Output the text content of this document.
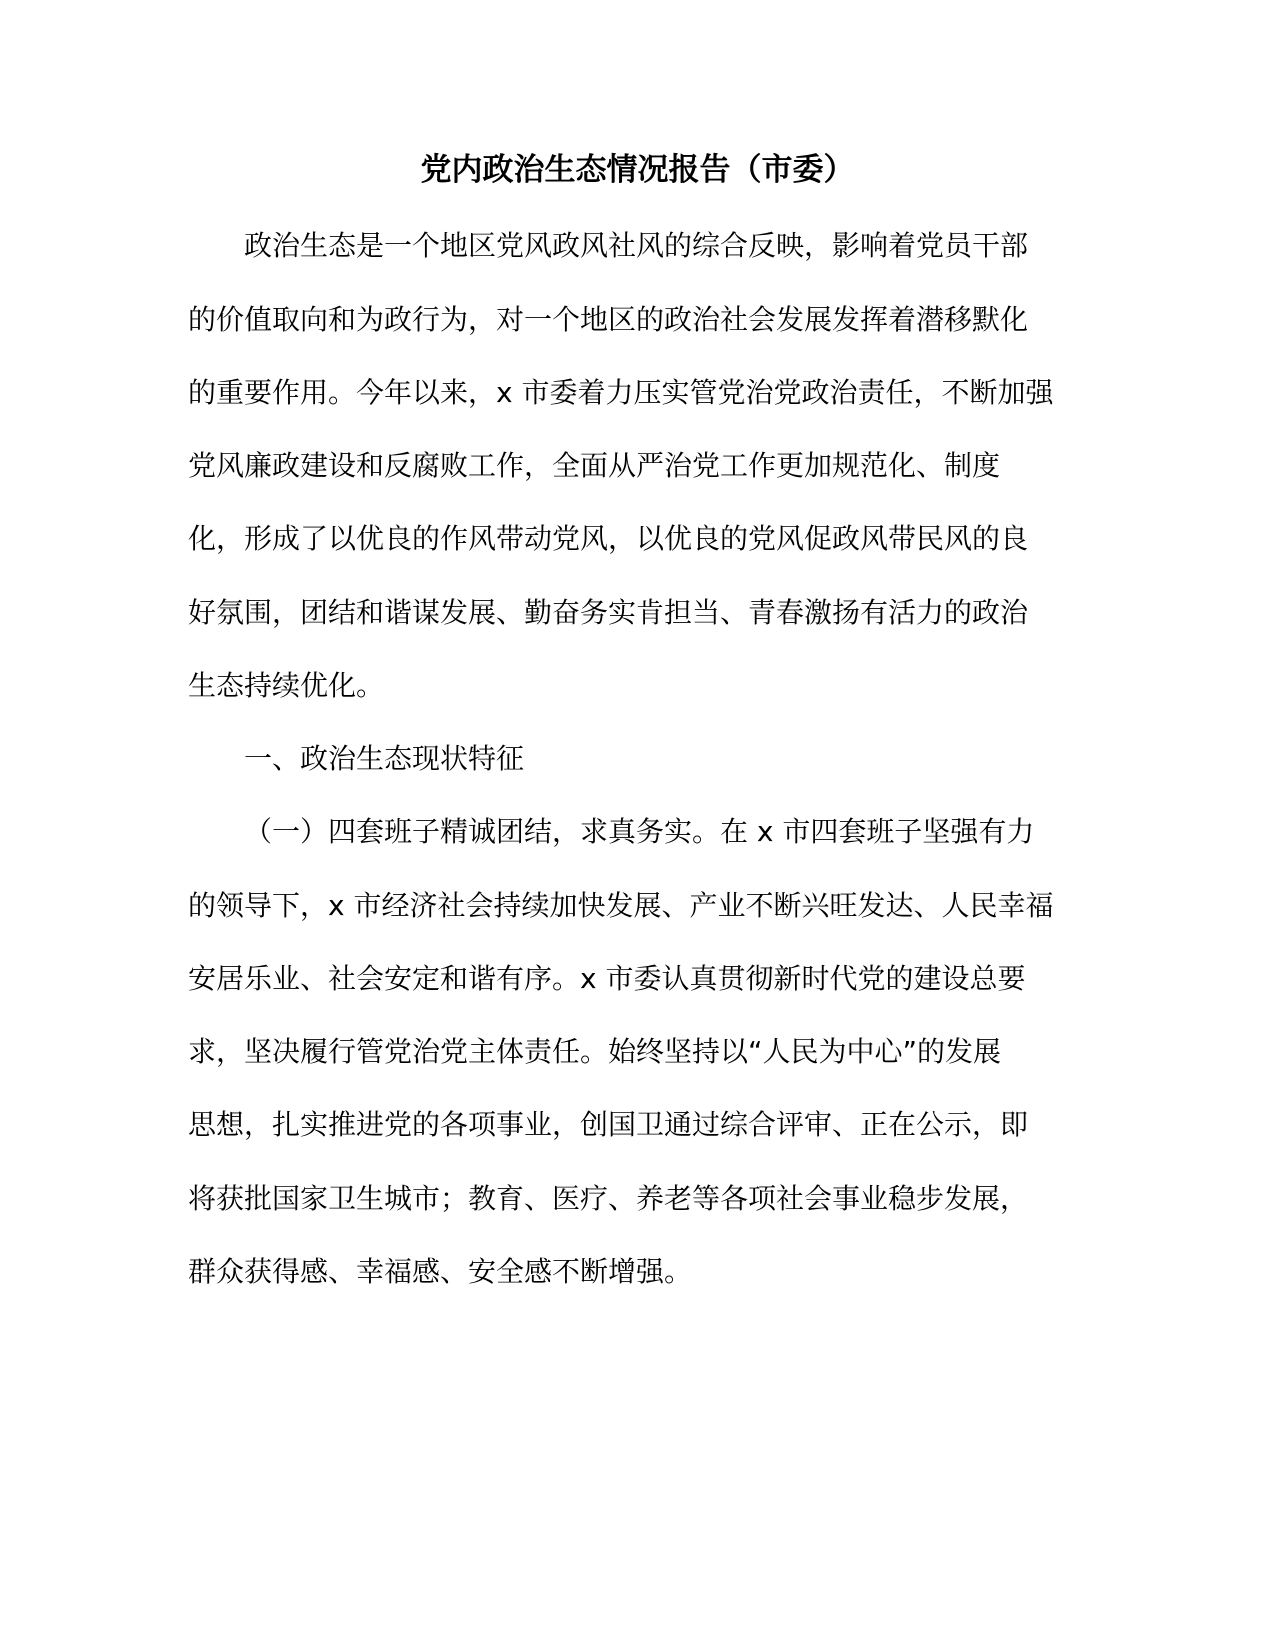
党内政治生态情况报告（市委）
政治生态是一个地区党风政风社风的综合反映，影响着党员干部
的价值取向和为政行为，对一个地区的政治社会发展发挥着潜移默化
的重要作用。今年以来，x 市委着力压实管党治党政治责任，不断加强
党风廉政建设和反腐败工作，全面从严治党工作更加规范化、制度
化，形成了以优良的作风带动党风，以优良的党风促政风带民风的良
好氛围，团结和谐谋发展、勤奋务实肯担当、青春激扬有活力的政治
生态持续优化。
一、政治生态现状特征
（一）四套班子精诚团结，求真务实。在 x 市四套班子坚强有力
的领导下，x 市经济社会持续加快发展、产业不断兴旺发达、人民幸福
安居乐业、社会安定和谐有序。x 市委认真贯彻新时代党的建设总要
求，坚决履行管党治党主体责任。始终坚持以“人民为中心”的发展
思想，扎实推进党的各项事业，创国卫通过综合评审、正在公示，即
将获批国家卫生城市；教育、医疗、养老等各项社会事业稳步发展，
群众获得感、幸福感、安全感不断增强。
